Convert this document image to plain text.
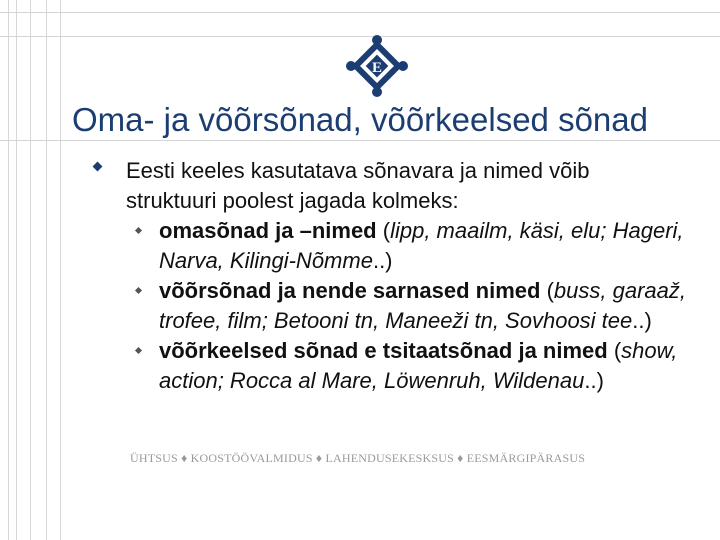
E
Oma- ja võõrsõnad, võõrkeelsed sõnad
Eesti keeles kasutatava sõnavara ja nimed võib struktuuri poolest jagada kolmeks:
omasõnad ja –nimed (lipp, maailm, käsi, elu; Hageri, Narva, Kilingi-Nõmme..)
võõrsõnad ja nende sarnased nimed (buss, garaaž, trofee, film; Betooni tn, Maneeži tn, Sovhoosi tee..)
võõrkeelsed sõnad e tsitaatsõnad ja nimed (show, action; Rocca al Mare, Löwenruh, Wildenau..)
ÜHTSUS ♦ KOOSTÖÖVALMIDUS ♦ LAHENDUSEKESKSUS ♦ EESMÄRGIPÄRASUS
